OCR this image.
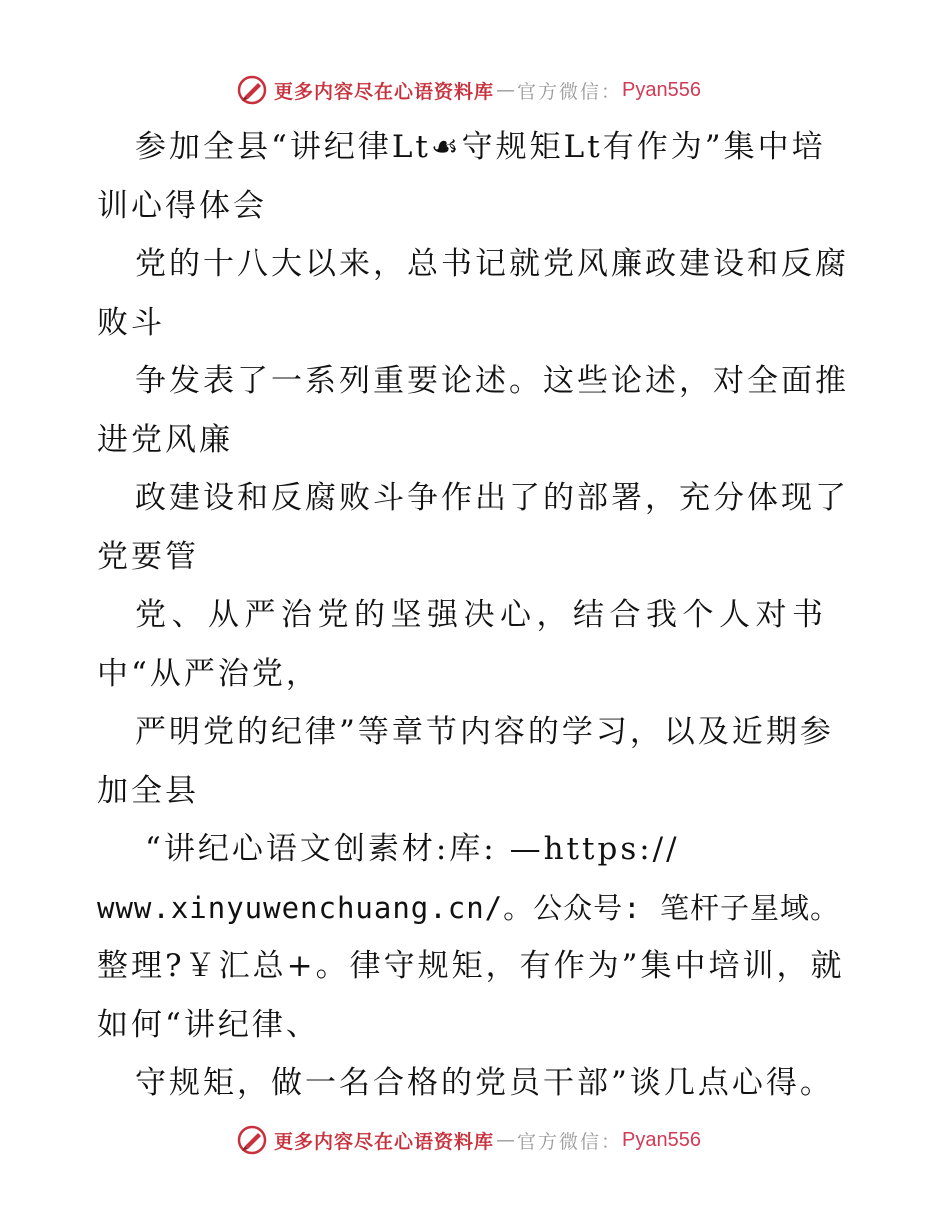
更多内容尽在心语资料库 — 官方微信： Pyan556
参加全县“讲纪律Lt﻿☙守规矩Lt有作为”集中培
训心得体会
党的十八大以来，总书记就党风廉政建设和反腐
败斗
争发表了一系列重要论述。这些论述，对全面推
进党风廉
政建设和反腐败斗争作出了的部署，充分体现了
党要管
党、从严治党的坚强决心，结合我个人对书
中“从严治党，
严明党的纪律”等章节内容的学习，以及近期参
加全县
“讲纪心语文创素材:库: —https://
www.xinyuwenchuang.cn/。公众号: 笔杆子星域。
整理?￥汇总+。律守规矩，有作为”集中培训，就
如何“讲纪律、
守规矩，做一名合格的党员干部”谈几点心得。
更多内容尽在心语资料库 — 官方微信： Pyan556
